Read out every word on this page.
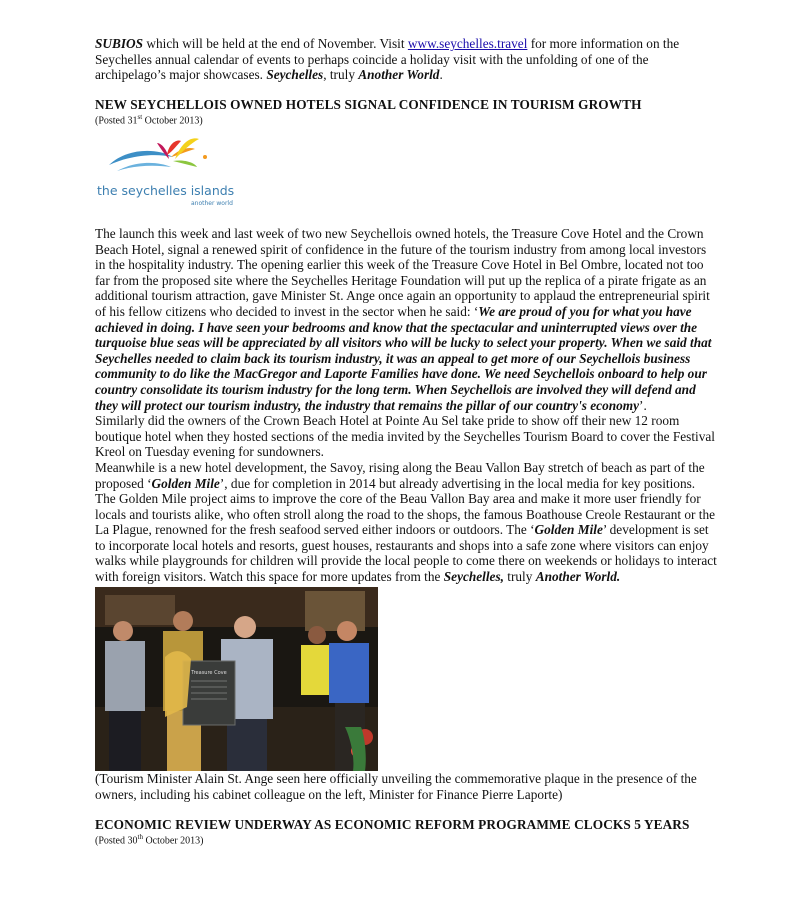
SUBIOS which will be held at the end of November. Visit www.seychelles.travel for more information on the Seychelles annual calendar of events to perhaps coincide a holiday visit with the unfolding of one of the archipelago’s major showcases. Seychelles, truly Another World.

NEW SEYCHELLOIS OWNED HOTELS SIGNAL CONFIDENCE IN TOURISM GROWTH
(Posted 31st October 2013)
the seychelles islands
another world

The launch this week and last week of two new Seychellois owned hotels, the Treasure Cove Hotel and the Crown Beach Hotel, signal a renewed spirit of confidence in the future of the tourism industry from among local investors in the hospitality industry. The opening earlier this week of the Treasure Cove Hotel in Bel Ombre, located not too far from the proposed site where the Seychelles Heritage Foundation will put up the replica of a pirate frigate as an additional tourism attraction, gave Minister St. Ange once again an opportunity to applaud the entrepreneurial spirit of his fellow citizens who decided to invest in the sector when he said: ‘We are proud of you for what you have achieved in doing. I have seen your bedrooms and know that the spectacular and uninterrupted views over the turquoise blue seas will be appreciated by all visitors who will be lucky to select your property. When we said that Seychelles needed to claim back its tourism industry, it was an appeal to get more of our Seychellois business community to do like the MacGregor and Laporte Families have done. We need Seychellois onboard to help our country consolidate its tourism industry for the long term. When Seychellois are involved they will defend and they will protect our tourism industry, the industry that remains the pillar of our country's economy’.

Similarly did the owners of the Crown Beach Hotel at Pointe Au Sel take pride to show off their new 12 room boutique hotel when they hosted sections of the media invited by the Seychelles Tourism Board to cover the Festival Kreol on Tuesday evening for sundowners.

Meanwhile is a new hotel development, the Savoy, rising along the Beau Vallon Bay stretch of beach as part of the proposed ‘Golden Mile’, due for completion in 2014 but already advertising in the local media for key positions.

The Golden Mile project aims to improve the core of the Beau Vallon Bay area and make it more user friendly for locals and tourists alike, who often stroll along the road to the shops, the famous Boathouse Creole Restaurant or the La Plague, renowned for the fresh seafood served either indoors or outdoors. The ‘Golden Mile’ development is set to incorporate local hotels and resorts, guest houses, restaurants and shops into a safe zone where visitors can enjoy walks while playgrounds for children will provide the local people to come there on weekends or holidays to interact with foreign visitors. Watch this space for more updates from the Seychelles, truly Another World.

Treasure Cove

(Tourism Minister Alain St. Ange seen here officially unveiling the commemorative plaque in the presence of the owners, including his cabinet colleague on the left, Minister for Finance Pierre Laporte)

ECONOMIC REVIEW UNDERWAY AS ECONOMIC REFORM PROGRAMME CLOCKS 5 YEARS
(Posted 30th October 2013)
